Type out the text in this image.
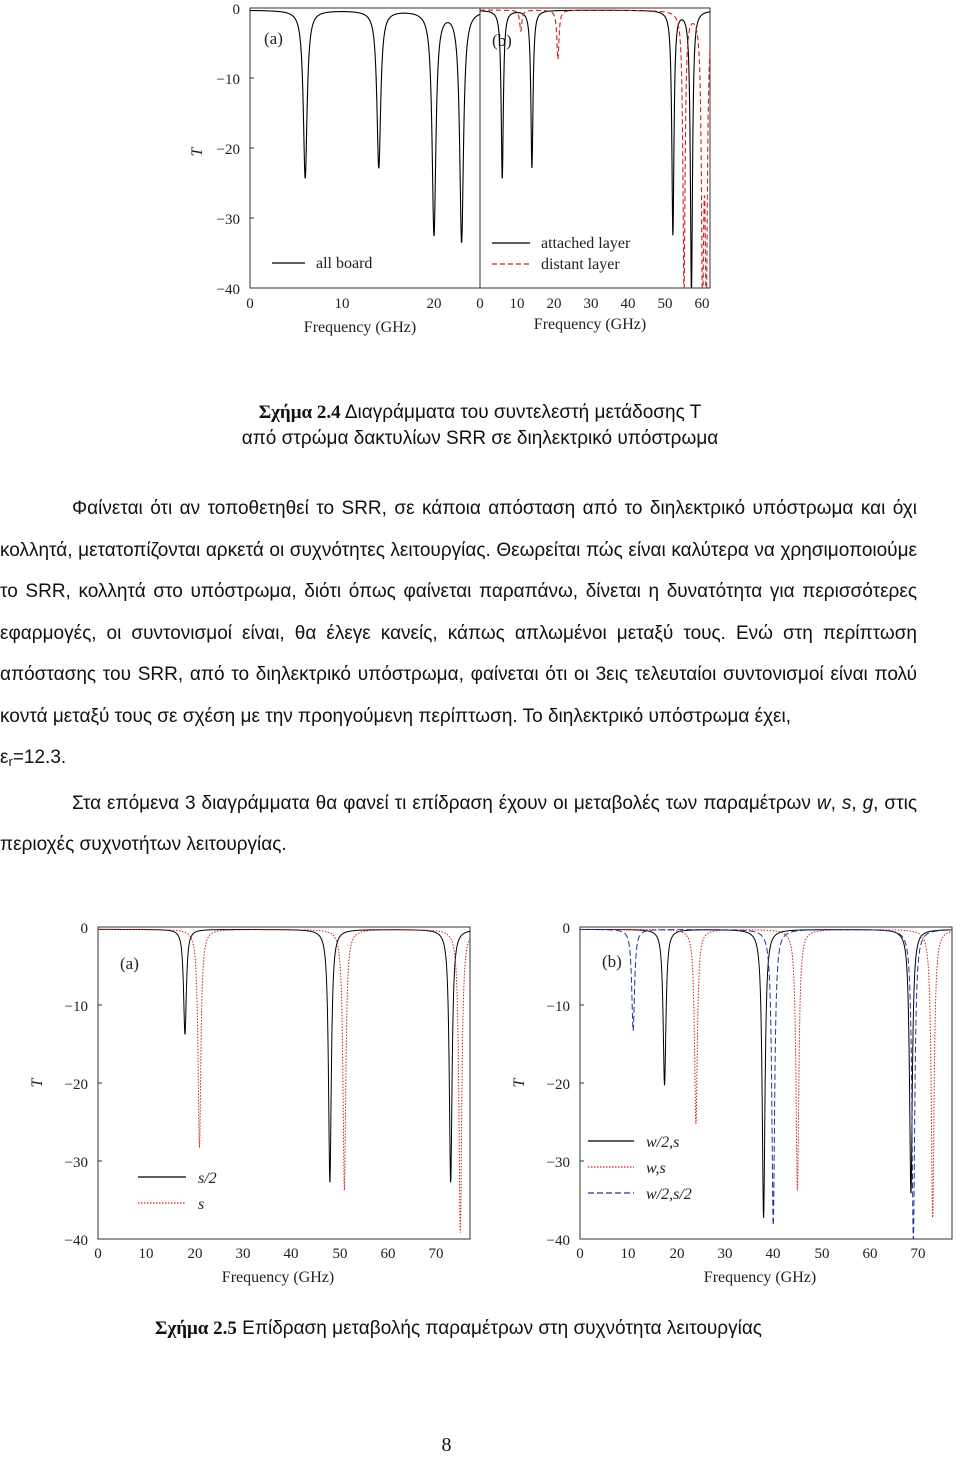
0
−10
−20
−30
−40
T
0	10	20
Frequency (GHz)
0 10 20 30 40 50 60
Frequency (GHz)
(a)	(b)
all board
attached layer
distant layer
Σχήμα 2.4 Διαγράμματα του συντελεστή μετάδοσης Τ
από στρώμα δακτυλίων SRR σε διηλεκτρικό υπόστρωμα

Φαίνεται ότι αν τοποθετηθεί το SRR, σε κάποια απόσταση από το διηλεκτρικό υπόστρωμα και όχι κολλητά, μετατοπίζονται αρκετά οι συχνότητες λειτουργίας. Θεωρείται πώς είναι καλύτερα να χρησιμοποιούμε το SRR, κολλητά στο υπόστρωμα, διότι όπως φαίνεται παραπάνω, δίνεται η δυνατότητα για περισσότερες εφαρμογές, οι συντονισμοί είναι, θα έλεγε κανείς, κάπως απλωμένοι μεταξύ τους. Ενώ στη περίπτωση απόστασης του SRR, από το διηλεκτρικό υπόστρωμα, φαίνεται ότι οι 3εις τελευταίοι συντονισμοί είναι πολύ κοντά μεταξύ τους σε σχέση με την προηγούμενη περίπτωση. Το διηλεκτρικό υπόστρωμα έχει,
$\varepsilon_r=12.3$.

Στα επόμενα 3 διαγράμματα θα φανεί τι επίδραση έχουν οι μεταβολές των παραμέτρων w, s, g, στις περιοχές συχνοτήτων λειτουργίας.

0
−10
−20
−30
−40
T
0
−10
−20
−30
−40
T
0 10 20 30 40 50 60 70
Frequency (GHz)
0 10 20 30 40 50 60 70
Frequency (GHz)
(a)	(b)
s/2
s
w/2,s
w,s
w/2,s/2
Σχήμα 2.5 Επίδραση μεταβολής παραμέτρων στη συχνότητα λειτουργίας
8
